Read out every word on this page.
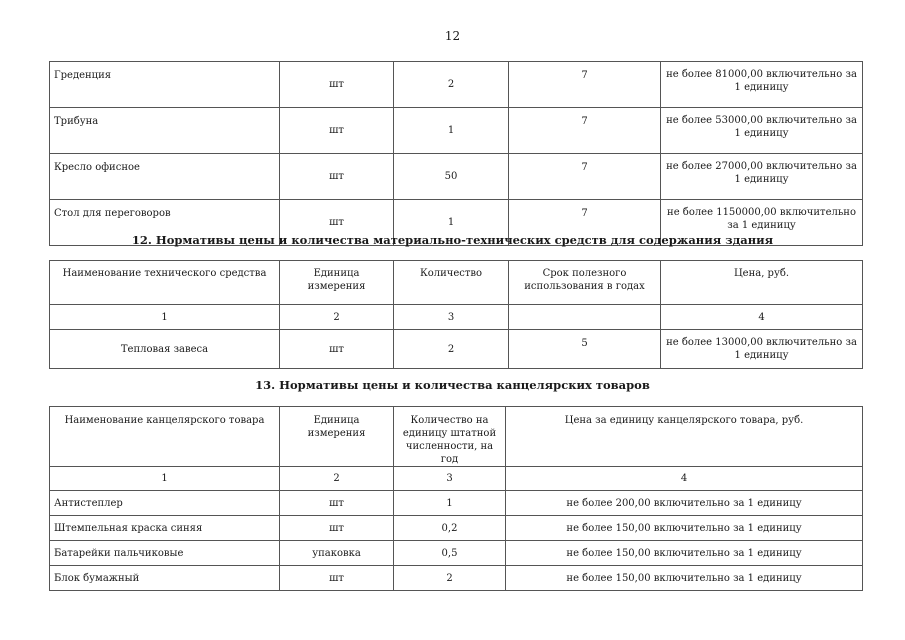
12
Греденция	шт	2	7	не более 81000,00 включительно за 1 единицу
Трибуна	шт	1	7	не более 53000,00 включительно за 1 единицу
Кресло офисное	шт	50	7	не более 27000,00 включительно за 1 единицу
Стол для переговоров	шт	1	7	не более 1150000,00 включительно за 1 единицу
12. Нормативы цены и количества материально-технических средств для содержания здания
Наименование технического средства	Единица измерения	Количество	Срок полезного использования в годах	Цена, руб.
1	2	3		4
Тепловая завеса	шт	2	5	не более 13000,00 включительно за 1 единицу
13. Нормативы цены и количества канцелярских товаров
Наименование канцелярского товара	Единица измерения	Количество на единицу штатной численности, на год	Цена за единицу канцелярского товара, руб.
1	2	3	4
Антистеплер	шт	1	не более 200,00 включительно за 1 единицу
Штемпельная краска синяя	шт	0,2	не более 150,00 включительно за 1 единицу
Батарейки пальчиковые	упаковка	0,5	не более 150,00 включительно за 1 единицу
Блок бумажный	шт	2	не более 150,00 включительно за 1 единицу
